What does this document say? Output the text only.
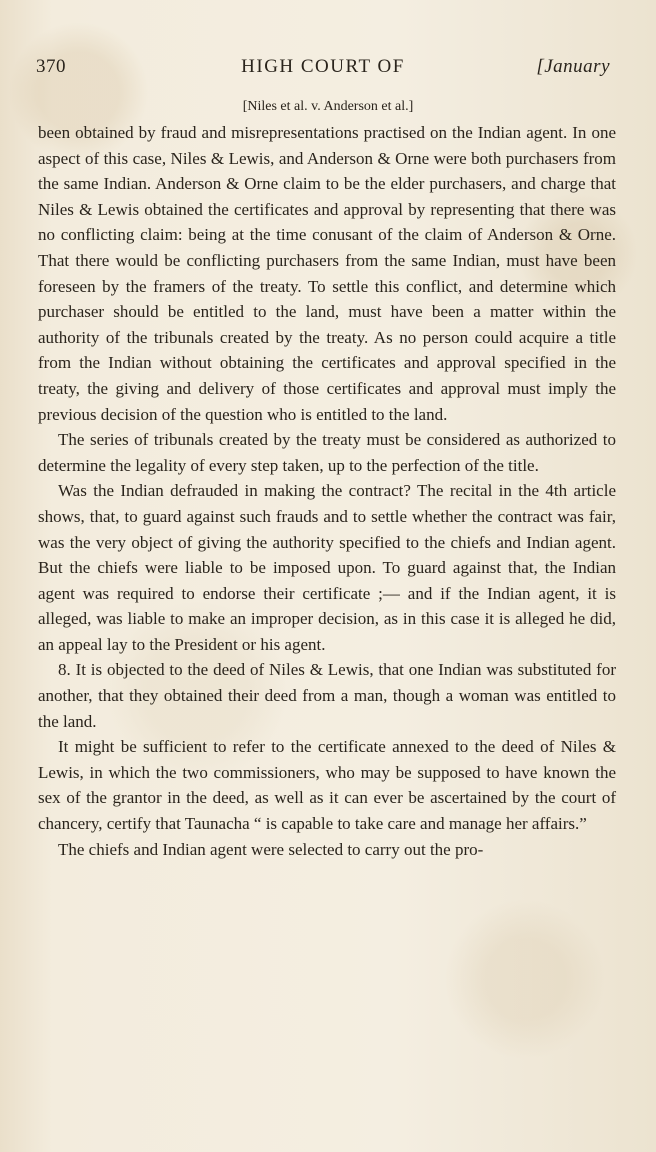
370	HIGH COURT OF	[January
[Niles et al. v. Anderson et al.]

been obtained by fraud and misrepresentations practised on the Indian agent. In one aspect of this case, Niles & Lewis, and Anderson & Orne were both purchasers from the same Indian. Anderson & Orne claim to be the elder purchasers, and charge that Niles & Lewis obtained the certificates and approval by representing that there was no conflicting claim: being at the time conusant of the claim of Anderson & Orne. That there would be conflicting purchasers from the same Indian, must have been foreseen by the framers of the treaty. To settle this conflict, and determine which purchaser should be entitled to the land, must have been a matter within the authority of the tribunals created by the treaty. As no person could acquire a title from the Indian without obtaining the certificates and approval specified in the treaty, the giving and delivery of those certificates and approval must imply the previous decision of the question who is entitled to the land.

The series of tribunals created by the treaty must be considered as authorized to determine the legality of every step taken, up to the perfection of the title.

Was the Indian defrauded in making the contract? The recital in the 4th article shows, that, to guard against such frauds and to settle whether the contract was fair, was the very object of giving the authority specified to the chiefs and Indian agent. But the chiefs were liable to be imposed upon. To guard against that, the Indian agent was required to endorse their certificate ;— and if the Indian agent, it is alleged, was liable to make an improper decision, as in this case it is alleged he did, an appeal lay to the President or his agent.

8. It is objected to the deed of Niles & Lewis, that one Indian was substituted for another, that they obtained their deed from a man, though a woman was entitled to the land.

It might be sufficient to refer to the certificate annexed to the deed of Niles & Lewis, in which the two commissioners, who may be supposed to have known the sex of the grantor in the deed, as well as it can ever be ascertained by the court of chancery, certify that Taunacha “ is capable to take care and manage her affairs.”

The chiefs and Indian agent were selected to carry out the pro-
